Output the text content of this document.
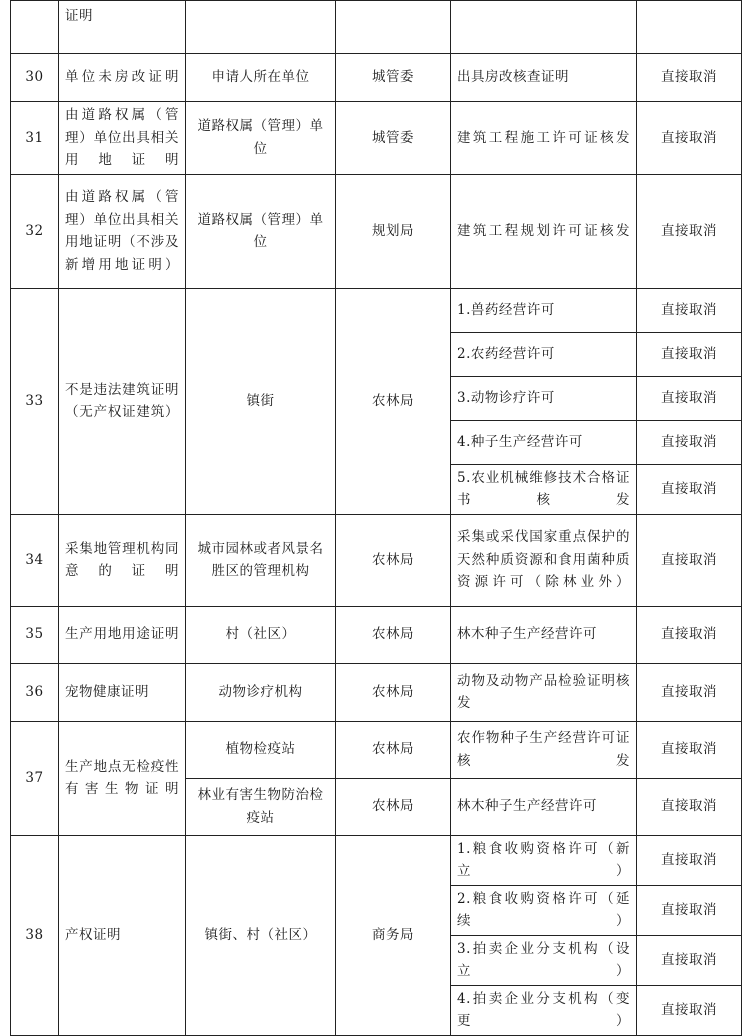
	证明				
30	单位未房改证明	申请人所在单位	城管委	出具房改核查证明	直接取消
31	由道路权属（管理）单位出具相关用地证明	道路权属（管理）单位	城管委	建筑工程施工许可证核发	直接取消
32	由道路权属（管理）单位出具相关用地证明（不涉及新增用地证明）	道路权属（管理）单位	规划局	建筑工程规划许可证核发	直接取消
33	不是违法建筑证明（无产权证建筑）	镇街	农林局	1.兽药经营许可	直接取消
				2.农药经营许可	直接取消
				3.动物诊疗许可	直接取消
				4.种子生产经营许可	直接取消
				5.农业机械维修技术合格证书核发	直接取消
34	采集地管理机构同意的证明	城市园林或者风景名胜区的管理机构	农林局	采集或采伐国家重点保护的天然种质资源和食用菌种质资源许可（除林业外）	直接取消
35	生产用地用途证明	村（社区）	农林局	林木种子生产经营许可	直接取消
36	宠物健康证明	动物诊疗机构	农林局	动物及动物产品检验证明核发	直接取消
37	生产地点无检疫性有害生物证明	植物检疫站	农林局	农作物种子生产经营许可证核发	直接取消
		林业有害生物防治检疫站	农林局	林木种子生产经营许可	直接取消
38	产权证明	镇街、村（社区）	商务局	1.粮食收购资格许可（新立）	直接取消
				2.粮食收购资格许可（延续）	直接取消
				3.拍卖企业分支机构（设立）	直接取消
				4.拍卖企业分支机构（变更）	直接取消
